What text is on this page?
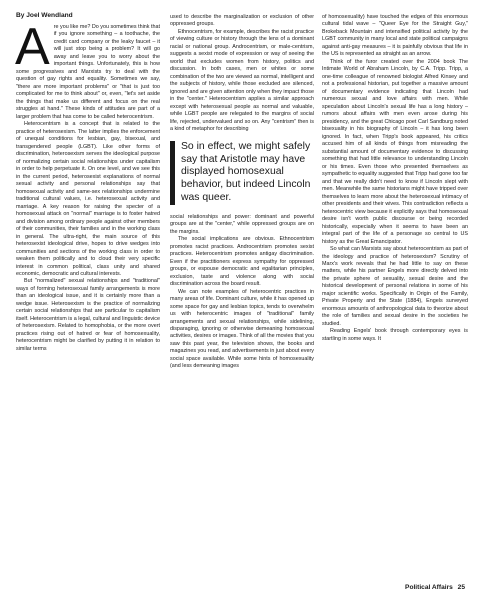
By Joel Wendland
A re you like me? Do you sometimes think that if you ignore something – a toothache, the credit card company or the leaky faucet – it will just stop being a problem? It will go away and leave you to worry about the important things. Unfortunately, this is how some progressives and Marxists try to deal with the question of gay rights and equality. Sometimes we say, "there are more important problems" or "that is just too complicated for me to think about" or, even, "let's set aside the things that make us different and focus on the real struggles at hand." These kinds of attitudes are part of a larger problem that has come to be called heterocentrism.

Heterocentrism is a concept that is related to the practice of heterosexism. The latter implies the enforcement of unequal conditions for lesbian, gay, bisexual, and transgendered people (LGBT). Like other forms of discrimination, heterosexism serves the ideological purpose of normalizing certain social relationships under capitalism in order to help perpetuate it. On one level, and we see this in the current period, heterosexist explanations of normal sexual activity and personal relationships say that homosexual activity and same-sex relationships undermine traditional cultural values, i.e. heterosexual activity and marriage. A key reason for raising the specter of a homosexual attack on "normal" marriage is to foster hatred and division among ordinary people against other members of their communities, their families and in the working class in general. The ultra-right, the main source of this heterosexist ideological drive, hopes to drive wedges into communities and sections of the working class in order to weaken them politically and to cloud their very specific interest in common political, class unity and shared economic, democratic and cultural interests.

But "normalized" sexual relationships and "traditional" ways of forming heterosexual family arrangements is more than an ideological issue, and it is certainly more than a wedge issue. Heterosexism is the practice of normalizing certain social relationships that are particular to capitalism itself. Heterocentrism is a legal, cultural and linguistic device of heterosexism. Related to homophobia, or the more overt practices rising out of hatred or fear of homosexuality, heterocentrism might be clarified by putting it in relation to similar terms

used to describe the marginalization or exclusion of other oppressed groups.

Ethnocentrism, for example, describes the racist practice of viewing culture or history through the lens of a dominant racial or national group. Androcentrism, or male-centrism, suggests a sexist mode of expression or way of seeing the world that excludes women from history, politics and discussion. In both cases, men or whites or some combination of the two are viewed as normal, intelligent and the subjects of history, while those excluded are silenced, ignored and are given attention only when they impact those in the "center." Heterocentrism applies a similar approach except with heterosexual people as normal and valuable, while LGBT people are relegated to the margins of social life, rejected, undervalued and so on. Any "centrism" then is a kind of metaphor for describing

So in effect, we might safely say that Aristotle may have displayed homosexual behavior, but indeed Lincoln was queer.

social relationships and power: dominant and powerful groups are at the "center," while oppressed groups are on the margins.

The social implications are obvious. Ethnocentrism promotes racist practices. Androcentrism promotes sexist practices. Heterocentrism promotes antigay discrimination. Even if the practitioners express sympathy for oppressed groups, or espouse democratic and egalitarian principles, exclusion, taste and violence along with social discrimination across the board result.

We can note examples of heterocentric practices in many areas of life. Dominant culture, while it has opened up some space for gay and lesbian topics, tends to overwhelm us with heterocentric images of "traditional" family arrangements and sexual relationships, while sidelining, disparaging, ignoring or otherwise demeaning homosexual activities, desires or images. Think of all the movies that you saw this past year, the television shows, the books and magazines you read, and advertisements in just about every social space available. While some hints of homosexuality (and less demeaning images

of homosexuality) have touched the edges of this enormous cultural tidal wave – "Queer Eye for the Straight Guy," Brokeback Mountain and intensified political activity by the LGBT community in many local and state political campaigns against anti-gay measures – it is painfully obvious that life in the US is represented as straight as an arrow.

Think of the furor created over the 2004 book The Intimate World of Abraham Lincoln, by C.A. Tripp. Tripp, a one-time colleague of renowned biologist Alfred Kinsey and not a professional historian, put together a massive amount of documentary evidence indicating that Lincoln had numerous sexual and love affairs with men. While speculation about Lincoln's sexual life has a long history – rumors about affairs with men even arose during his presidency, and the great Chicago poet Carl Sandburg noted bisexuality in his biography of Lincoln – it has long been ignored. In fact, when Tripp's book appeared, his critics accused him of all kinds of things from misreading the substantial amount of documentary evidence to discussing something that had little relevance to understanding Lincoln or his times. Even those who presented themselves as sympathetic to equality suggested that Tripp had gone too far and that we really didn't need to know if Lincoln slept with men. Meanwhile the same historians might have tripped over themselves to learn more about the heterosexual intimacy of other presidents and their wives. This contradiction reflects a heterocentric view because it explicitly says that homosexual desire isn't worth public discourse or being recorded historically, especially when it seems to have been an integral part of the life of a personage so central to US history as the Great Emancipator.

So what can Marxists say about heterocentrism as part of the ideology and practice of heterosexism? Scrutiny of Marx's work reveals that he had little to say on these matters, while his partner Engels more directly delved into the private sphere of sexuality, sexual desire and the historical development of personal relations in some of his major scientific works. Specifically in Origin of the Family, Private Property and the State (1884), Engels surveyed enormous amounts of anthropological data to theorize about the role of families and sexual desire in the societies he studied.

Reading Engels' book through contemporary eyes is startling in some ways. It

Political Affairs 25
